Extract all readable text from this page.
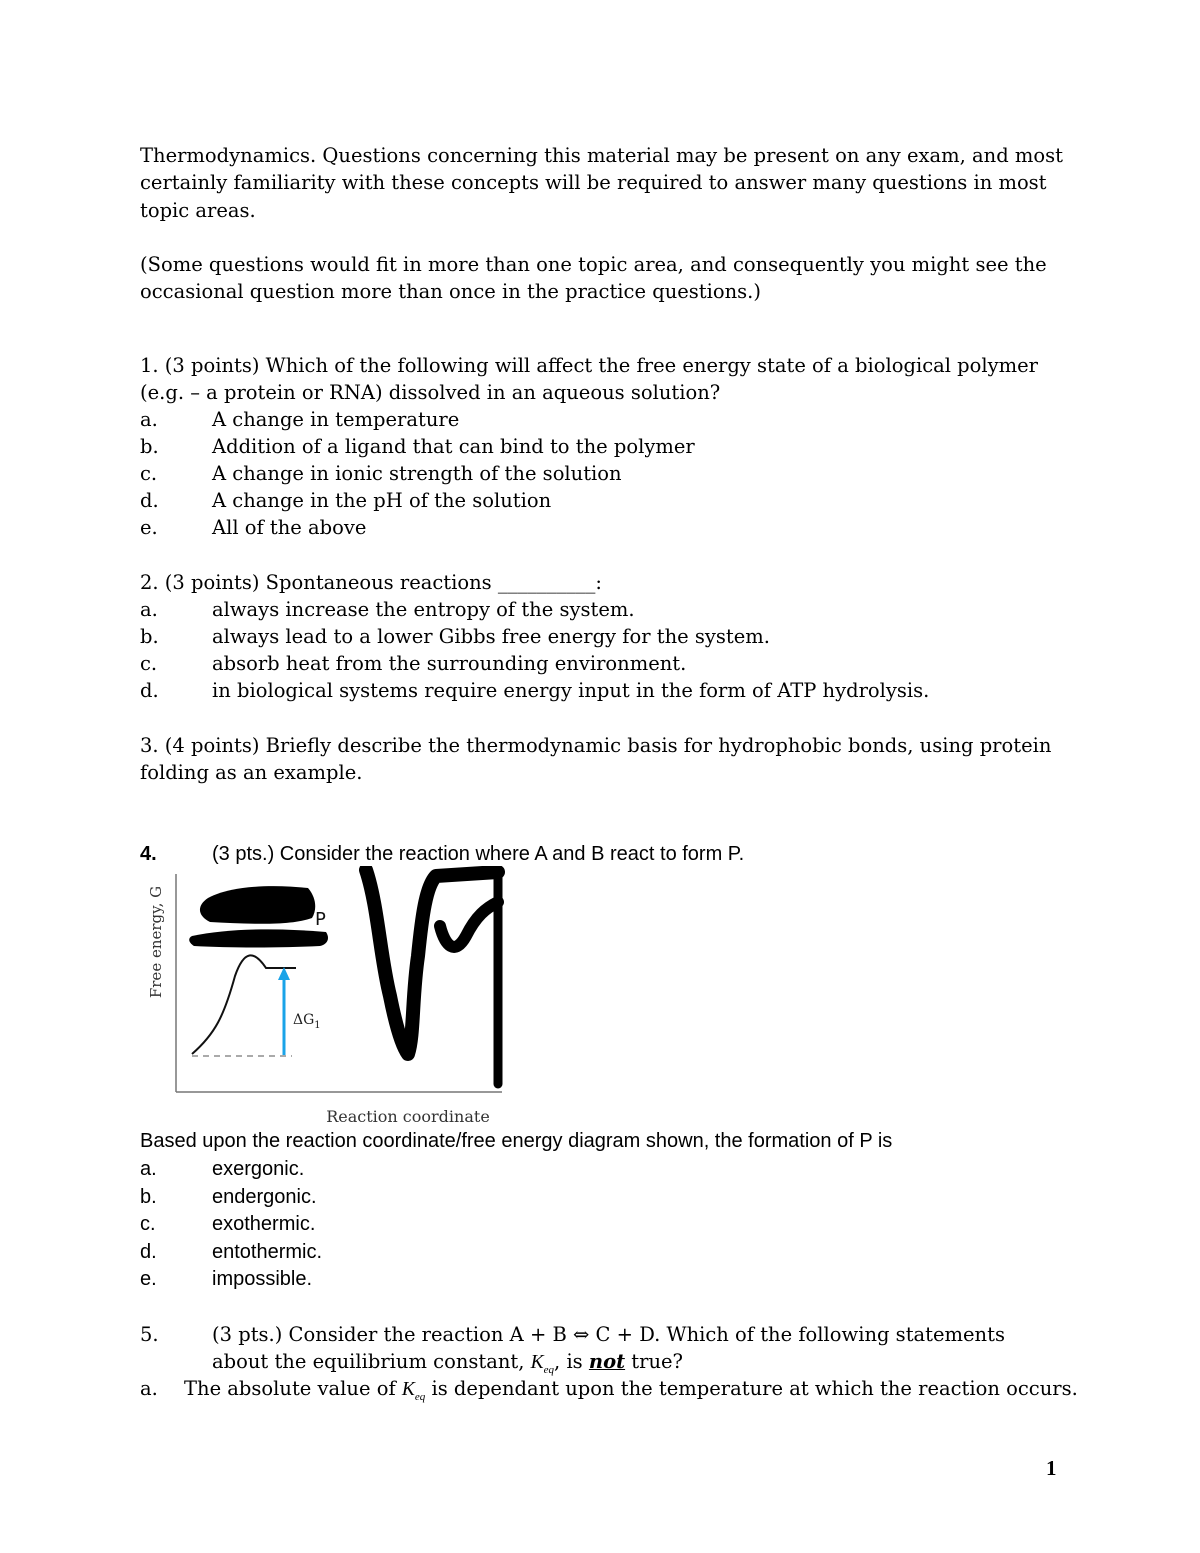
Thermodynamics. Questions concerning this material may be present on any exam, and most certainly familiarity with these concepts will be required to answer many questions in most topic areas.

(Some questions would fit in more than one topic area, and consequently you might see the occasional question more than once in the practice questions.)

1. (3 points) Which of the following will affect the free energy state of a biological polymer (e.g. – a protein or RNA) dissolved in an aqueous solution?

a.	A change in temperature
b.	Addition of a ligand that can bind to the polymer
c.	A change in ionic strength of the solution
d.	A change in the pH of the solution
e.	All of the above
2. (3 points) Spontaneous reactions __________:
a.	always increase the entropy of the system.
b.	always lead to a lower Gibbs free energy for the system.
c.	absorb heat from the surrounding environment.
d.	in biological systems require energy input in the form of ATP hydrolysis.

3. (4 points) Briefly describe the thermodynamic basis for hydrophobic bonds, using protein folding as an example.

4.	(3 pts.) Consider the reaction where A and B react to form P.
Free energy, G
Reaction coordinate
$\Delta G_1$
P
Based upon the reaction coordinate/free energy diagram shown, the formation of P is
a.	exergonic.
b.	endergonic.
c.	exothermic.
d.	entothermic.
e.	impossible.
5.	(3 pts.) Consider the reaction A + B ⇔ C + D. Which of the following statements
about the equilibrium constant, $K_{eq}$, is not true?
a. The absolute value of $K_{eq}$ is dependant upon the temperature at which the reaction occurs.
1
